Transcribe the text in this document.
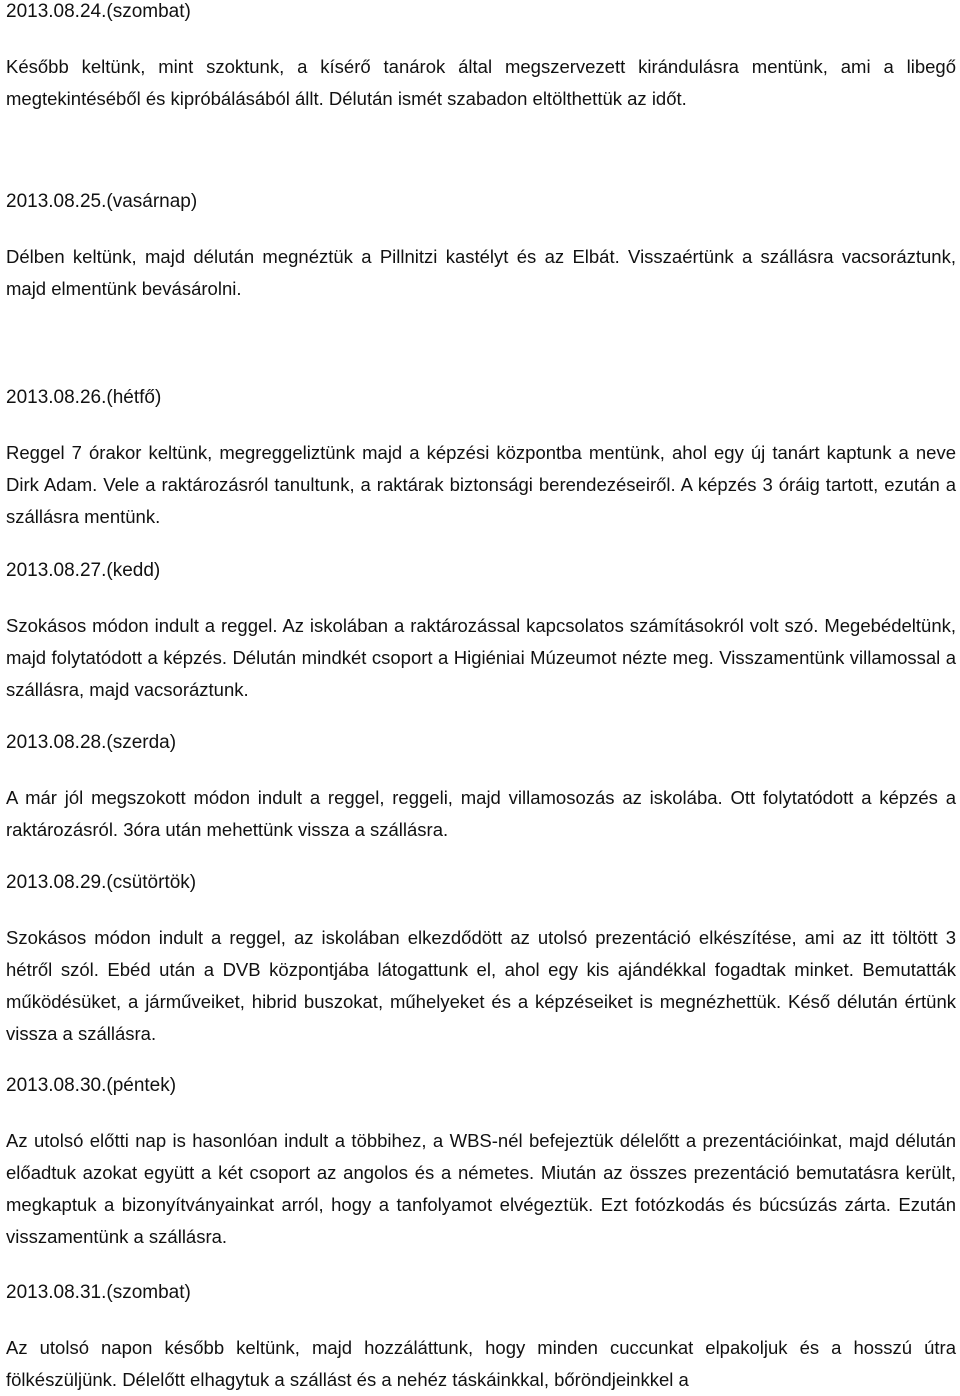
2013.08.24.(szombat)

Később keltünk, mint szoktunk, a kísérő tanárok által megszervezett kirándulásra mentünk, ami a libegő megtekintéséből és kipróbálásából állt. Délután ismét szabadon eltölthettük az időt.

2013.08.25.(vasárnap)

Délben keltünk, majd délután megnéztük a Pillnitzi kastélyt és az Elbát. Visszaértünk a szállásra vacsoráztunk, majd elmentünk bevásárolni.

2013.08.26.(hétfő)

Reggel 7 órakor keltünk, megreggeliztünk majd a képzési központba mentünk, ahol egy új tanárt kaptunk a neve Dirk Adam. Vele a raktározásról tanultunk, a raktárak biztonsági berendezéseiről. A képzés 3 óráig tartott, ezután a szállásra mentünk.

2013.08.27.(kedd)

Szokásos módon indult a reggel. Az iskolában a raktározással kapcsolatos számításokról volt szó. Megebédeltünk, majd folytatódott a képzés. Délután mindkét csoport a Higiéniai Múzeumot nézte meg. Visszamentünk villamossal a szállásra, majd vacsoráztunk.

2013.08.28.(szerda)

A már jól megszokott módon indult a reggel, reggeli, majd villamosozás az iskolába. Ott folytatódott a képzés a raktározásról. 3óra után mehettünk vissza a szállásra.

2013.08.29.(csütörtök)

Szokásos módon indult a reggel, az iskolában elkezdődött az utolsó prezentáció elkészítése, ami az itt töltött 3 hétről szól. Ebéd után a DVB központjába látogattunk el, ahol egy kis ajándékkal fogadtak minket. Bemutatták működésüket, a járműveiket, hibrid buszokat, műhelyeket és a képzéseiket is megnézhettük. Késő délután értünk vissza a szállásra.

2013.08.30.(péntek)

Az utolsó előtti nap is hasonlóan indult a többihez, a WBS-nél befejeztük délelőtt a prezentációinkat, majd délután előadtuk azokat együtt a két csoport az angolos és a németes. Miután az összes prezentáció bemutatásra került, megkaptuk a bizonyítványainkat arról, hogy a tanfolyamot elvégeztük. Ezt fotózkodás és búcsúzás zárta. Ezután visszamentünk a szállásra.

2013.08.31.(szombat)

Az utolsó napon később keltünk, majd hozzáláttunk, hogy minden cuccunkat elpakoljuk és a hosszú útra fölkészüljünk. Délelőtt elhagytuk a szállást és a nehéz táskáinkkal, bőröndjeinkkel a
